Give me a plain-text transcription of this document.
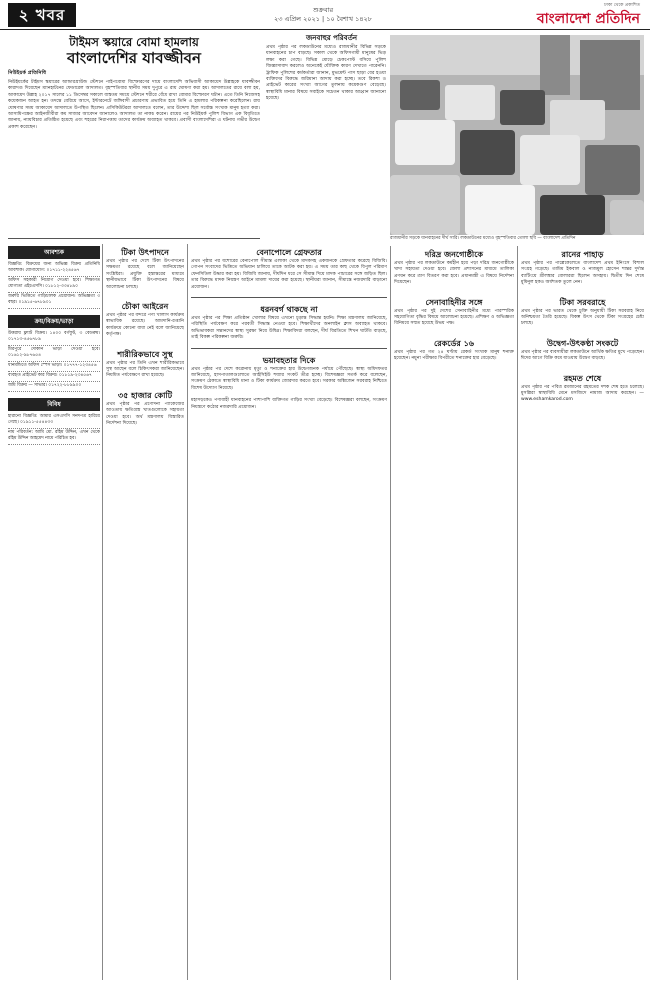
২ খবর	শুক্রবার
২৩ এপ্রিল ২০২১ | ১০ বৈশাখ ১৪২৮
ঢাকা থেকে প্রকাশিত
বাংলাদেশ প্রতিদিন
টাইমস স্কয়ারে বোমা হামলায়
বাংলাদেশির যাবজ্জীবন
নিউইয়র্ক প্রতিনিধি
নিউইয়র্কের টাইমস স্কয়ারের আন্ডারগ্রাউন্ড স্টেশনে পাইপবোমা বিস্ফোরণের দায়ে বাংলাদেশি অভিবাসী আকায়েদ উল্লাহকে যাবজ্জীবন কারাদণ্ড দিয়েছেন ম্যানহাটনের ফেডারেল আদালত। বৃহস্পতিবার স্থানীয় সময় দুপুরে এ রায় ঘোষণা করা হয়। আদালতের রায়ে বলা হয়, আকায়েদ উল্লাহ ২০১৭ সালের ১১ ডিসেম্বর সকালে ব্যস্ততম সময়ে স্টেশনে শরীরে বেঁধে রাখা বোমার বিস্ফোরণ ঘটান। এতে তিনি নিজেসহ কয়েকজন আহত হন। তদন্তে বেরিয়ে আসে, ইন্টারনেটে জঙ্গিবাদী প্রচারণায় প্রভাবিত হয়ে তিনি এ হামলার পরিকল্পনা করেছিলেন। রায় ঘোষণার সময় আকায়েদ আদালতে উপস্থিত ছিলেন। প্রসিকিউটররা আদালতে বলেন, তার উদ্দেশ্য ছিল সর্বোচ্চ সংখ্যক মানুষ হত্যা করা। আসামিপক্ষের আইনজীবীরা কম সাজার আবেদন জানালেও আদালত তা নাকচ করেন। রায়ের পর নিউইয়র্ক পুলিশ বিভাগ এক বিবৃতিতে জানায়, ন্যায়বিচার প্রতিষ্ঠিত হয়েছে এবং শহরের নিরাপত্তায় তাদের কার্যক্রম অব্যাহত থাকবে। প্রবাসী বাংলাদেশিরা এ ঘটনায় গভীর উদ্বেগ প্রকাশ করেছেন।
জনবাহুর পরিবর্তন
প্রথম পৃষ্ঠার পর লকডাউনের মধ্যেও রাজধানীর বিভিন্ন সড়কে যানবাহনের চাপ বাড়ছে। সকাল থেকে অফিসগামী মানুষের ভিড় লক্ষ্য করা গেছে। বিভিন্ন মোড়ে চেকপোস্ট বসিয়ে পুলিশ জিজ্ঞাসাবাদ করলেও অনেকেই যৌক্তিক কারণ দেখাতে পারেননি। ট্রাফিক পুলিশের কর্মকর্তারা জানান, মুভমেন্ট পাস ছাড়া বের হওয়া ব্যক্তিদের বিরুদ্ধে জরিমানা আদায় করা হচ্ছে। তবে রিকশা ও প্রাইভেট কারের সংখ্যা আগের তুলনায় কয়েকগুণ বেড়েছে। স্বাস্থ্যবিধি মানার বিষয়ে সবাইকে সচেতন থাকার আহ্বান জানানো হয়েছে।
রাজধানীর সড়কে যানবাহনের দীর্ঘ সারি। লকডাউনের মধ্যেও বৃহস্পতিবার তোলা ছবি — বাংলাদেশ প্রতিদিন
আবশ্যক
বিজ্ঞপ্তি: বিক্রয়ের জন্য অভিজ্ঞ বিক্রয় প্রতিনিধি আবশ্যক। যোগাযোগ: ০১৭১১-২২৪৫৬৭
অফিস সহকারী নিয়োগ দেওয়া হবে। শিক্ষাগত যোগ্যতা এইচএসসি। ০১৮১২-৩৩৪৮৯০
জরুরি ভিত্তিতে গাড়িচালক প্রয়োজন। অভিজ্ঞতা ৩ বছর। ০১৯১৫-৬৭৮৯০১
ক্রয়/বিক্রয়/ভাড়া
উত্তরায় ফ্ল্যাট বিক্রয়। ১৪০০ বর্গফুট, ৩ বেডরুম। ০১৭১৩-৪৫৬৭৮৯
মিরপুরে দোকান ভাড়া দেওয়া হবে। ০১৬১২-৯৮৭৬৫৪
ধানমন্ডিতে অফিস স্পেস ভাড়া। ০১৭৭৭-১২৩৪৫৬
ব্যবহৃত প্রাইভেট কার বিক্রয়। ০১৮১৯-২৩৪৫৬৭
জমি বিক্রয় — সাভার। ০১৭২২-৮৮৯৯০০
বিবিধ
হারানো বিজ্ঞপ্তি: আমার এসএসসি সনদপত্র হারিয়ে গেছে। ০১৯১১-৫৫৪৪৩৩
নাম পরিবর্তন: আমি মো. রহিম উদ্দিন, এখন থেকে রহিম উদ্দিন আহমেদ নামে পরিচিত হব।
টিকা উৎপাদনে
প্রথম পৃষ্ঠার পর দেশে টিকা উৎপাদনের সক্ষমতা রয়েছে বলে জানিয়েছেন সংশ্লিষ্টরা। প্রযুক্তি হস্তান্তরের মাধ্যমে স্থানীয়ভাবে টিকা উৎপাদনের বিষয়ে আলোচনা চলছে।
চৌকা আইরেন
প্রথম পৃষ্ঠার পর বন্দরে পণ্য খালাস কার্যক্রম স্বাভাবিক রয়েছে। আমদানি-রপ্তানি কার্যক্রমে কোনো বাধা নেই বলে জানিয়েছে কর্তৃপক্ষ।
শারীরিকভাবে সুস্থ
প্রথম পৃষ্ঠার পর তিনি এখন শারীরিকভাবে সুস্থ আছেন বলে চিকিৎসকরা জানিয়েছেন। নিয়মিত পর্যবেক্ষণে রাখা হয়েছে।
৩৫ হাজার কোটি
প্রথম পৃষ্ঠার পর প্রণোদনা প্যাকেজের আওতায় ক্ষতিগ্রস্ত খাতগুলোকে সহায়তা দেওয়া হবে। অর্থ মন্ত্রণালয় বিস্তারিত নির্দেশনা দিয়েছে।
বেনাপোলে গ্রেফতার
প্রথম পৃষ্ঠার পর যশোরের বেনাপোল সীমান্ত এলাকা থেকে মাদকসহ একজনকে গ্রেফতার করেছে বিজিবি। গোপন সংবাদের ভিত্তিতে অভিযান চালিয়ে তাকে আটক করা হয়। এ সময় তার কাছ থেকে বিপুল পরিমাণ ফেনসিডিল উদ্ধার করা হয়। বিজিবি জানায়, দীর্ঘদিন ধরে সে সীমান্ত দিয়ে মাদক পাচারের সঙ্গে জড়িত ছিল। তার বিরুদ্ধে মাদক নিয়ন্ত্রণ আইনে মামলা দায়ের করা হয়েছে। স্থানীয়রা জানান, সীমান্তে নজরদারি বাড়ানো প্রয়োজন।
ধরনবর্গ থাকছে না
প্রথম পৃষ্ঠার পর শিক্ষা প্রতিষ্ঠান খোলার বিষয়ে এখনো চূড়ান্ত সিদ্ধান্ত হয়নি। শিক্ষা মন্ত্রণালয় জানিয়েছে, পরিস্থিতি পর্যবেক্ষণ করে পরবর্তী সিদ্ধান্ত নেওয়া হবে। শিক্ষার্থীদের অনলাইন ক্লাস অব্যাহত থাকবে। অভিভাবকরা সন্তানদের স্বাস্থ্য সুরক্ষা নিয়ে উদ্বিগ্ন। শিক্ষাবিদরা বলছেন, দীর্ঘ বিরতিতে শিখন ঘাটতি বাড়ছে, তাই বিকল্প পরিকল্পনা জরুরি।
ভয়াবহতার দিকে
প্রথম পৃষ্ঠার পর দেশে করোনায় মৃত্যু ও শনাক্তের হার উদ্বেগজনক পর্যায়ে পৌঁছেছে। স্বাস্থ্য অধিদফতর জানিয়েছে, হাসপাতালগুলোতে আইসিইউ শয্যার সংকট তীব্র হচ্ছে। বিশেষজ্ঞরা সতর্ক করে বলেছেন, সংক্রমণ ঠেকাতে স্বাস্থ্যবিধি মানা ও টিকা কার্যক্রম জোরদার করতে হবে। সরকার অক্সিজেন সরবরাহ নিশ্চিতে বিশেষ উদ্যোগ নিয়েছে।
মহাসড়কেও পণ্যবাহী যানবাহনের পাশাপাশি ব্যক্তিগত গাড়ির সংখ্যা বেড়েছে। বিশেষজ্ঞরা বলছেন, সংক্রমণ নিয়ন্ত্রণে কঠোর নজরদারি প্রয়োজন।
দরিদ্র জনগোষ্ঠীকে
প্রথম পৃষ্ঠার পর লকডাউনে কর্মহীন হয়ে পড়া দরিদ্র জনগোষ্ঠীকে খাদ্য সহায়তা দেওয়া হবে। জেলা প্রশাসনের মাধ্যমে তালিকা প্রণয়ন করে ত্রাণ বিতরণ করা হবে। প্রধানমন্ত্রী এ বিষয়ে নির্দেশনা দিয়েছেন।
সেনাবাহিনীর সঙ্গে
প্রথম পৃষ্ঠার পর দুই দেশের সেনাবাহিনীর মধ্যে পারস্পরিক সহযোগিতা বৃদ্ধির বিষয়ে আলোচনা হয়েছে। প্রশিক্ষণ ও অভিজ্ঞতা বিনিময়ে সম্মত হয়েছে উভয় পক্ষ।
রেকর্ডের ১৬
প্রথম পৃষ্ঠার পর গত ২৪ ঘণ্টায় রেকর্ড সংখ্যক মানুষ শনাক্ত হয়েছেন। নমুনা পরীক্ষার বিপরীতে শনাক্তের হার বেড়েছে।
রানের পাহাড়
প্রথম পৃষ্ঠার পর পাল্লেকেলেতে বাংলাদেশ প্রথম ইনিংসে বিশাল সংগ্রহ গড়েছে। তামিম ইকবাল ও নাজমুল হোসেন শান্তর দুর্দান্ত ব্যাটিংয়ে শ্রীলঙ্কার বোলাররা ছিলেন অসহায়। দ্বিতীয় দিন শেষে মুমিনুল হকও অর্ধশতক তুলে নেন।
টিকা সরবরাহে
প্রথম পৃষ্ঠার পর ভারত থেকে চুক্তি অনুযায়ী টিকা সরবরাহ নিয়ে অনিশ্চয়তা তৈরি হয়েছে। বিকল্প উৎস থেকে টিকা সংগ্রহের চেষ্টা চলছে।
উদ্বেগ-উৎকণ্ঠা সংকটে
প্রথম পৃষ্ঠার পর ব্যবসায়ীরা লকডাউনে আর্থিক ক্ষতির মুখে পড়েছেন। ঈদের আগে বিক্রি কমে যাওয়ায় উদ্বেগ বাড়ছে।
রহমত শেষে
প্রথম পৃষ্ঠার পর পবিত্র রমজানের রহমতের দশক শেষ হতে চলেছে। মুসল্লিরা স্বাস্থ্যবিধি মেনে মসজিদে নামাজ আদায় করছেন। — www.eshamkarod.com
